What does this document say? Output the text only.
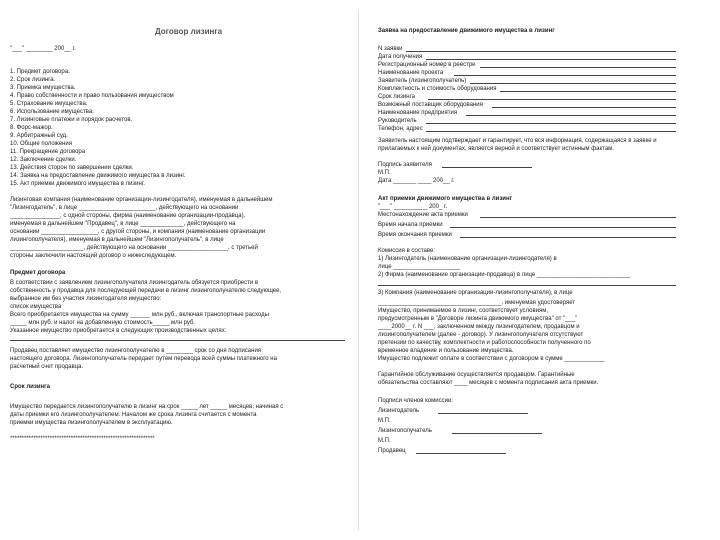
Договор лизинга
"___" ________ 200__ г.
1. Предмет договора.
2. Срок лизинга.
3. Приемка имущества.
4. Право собственности и право пользования имуществом
5. Страхование имущества.
6. Использование имущества.
7. Лизинговые платежи и порядок расчетов.
8. Форс-мажор.
9. Арбитражный суд.
10. Общие положения
11. Прекращение договора
12. Заключение сделки.
13. Действия сторон по завершении сделки.
14. Заявка на предоставление движимого имущества в лизинг.
15. Акт приемки движимого имущества в лизинг.
Лизинговая компания (наименование организации-лизингодателя), именуемая в дальнейшем
"Лизингодатель", в лице _______________________, действующего на основании
_______________, с одной стороны, фирма (наименование организации-продавца),
именуемая в дальнейшем "Продавец", в лице _____________, действующего на
основании _________________, с другой стороны, и компания (наименование организации
лизингополучателя), именуемая в дальнейшем "Лизингополучатель", в лице
______________________, действующего на основании __________________, с третьей
стороны заключили настоящий договор о нижеследующем.
Предмет договора
В соответствии с заявлением лизингополучателя лизингодатель обязуется приобрести в
собственность у продавца для последующей передачи в лизинг лизингополучателю следующее,
выбранное им без участия лизингодателя имущество:
список имущества
Всего приобретается имущества на сумму ______ млн руб., включая транспортные расходы
_____ млн руб. и налог на добавленную стоимость_____ млн руб.
Указанное имущество приобретается в следующих производственных целях:
Продавец поставляет имущество лизингополучателю в ________ срок со дня подписания
настоящего договора. Лизингополучатель передает путем перевода всей суммы платежного на
расчетный счет продавца.
Срок лизинга
Имущество передается лизингополучателю в лизинг на срок _____ лет _____ месяцев, начиная с
даты приемки его лизингополучателем. Началом же срока лизинга считается с момента
приемки имущества лизингополучателем в эксплуатацию.
**************************************************************
Заявка на предоставление движимого имущества в лизинг
N заявки
Дата получения
Регистрационный номер в реестре
Наименование проекта
Заявитель (лизингополучатель)
Комплектность и стоимость оборудования
Срок лизинга
Возможный поставщик оборудования
Наименование предприятия
Руководитель
Телефон, адрес
Заявитель настоящим подтверждает и гарантирует, что вся информация, содержащаяся в заявке и
прилагаемых к ней документах, является верной и соответствует истинным фактам.
Подпись заявителя
М.П.
Дата _______ ____ 200__ г.
Акт приемки движимого имущества в лизинг
"___" __________ 200_ г.
Местонахождение акта приемки
Время начала приемки
Время окончания приемки
Комиссия в составе:
1) Лизингодатель (наименование организации-лизингодателя) в
лице ____________________
2) Фирма (наименование организации-продавца) в лице ____________________________
3) Компания (наименование организации-лизингополучателя), в лице
_____________________________________, именуемая удостоверяет
Имущество, принимаемое в лизинг, соответствует условиям,
предусмотренным в "Договоре лизинга движимого имущества" от "___"
____2000__ г. N ___, заключенном между лизингодателем, продавцом и
лизингополучателем (далее - договор). У лизингополучателя отсутствуют
претензии по качеству, комплектности и работоспособности полученного по
временное владение и пользование имущества.
Имущество подлежит оплате в соответствии с договором в сумме ____________
Гарантийное обслуживание осуществляется продавцом. Гарантийные
обязательства составляют ____ месяцев с момента подписания акта приемки.
Подписи членов комиссии:
Лизингодатель
М.П.
Лизингополучатель
М.П.
Продавец
